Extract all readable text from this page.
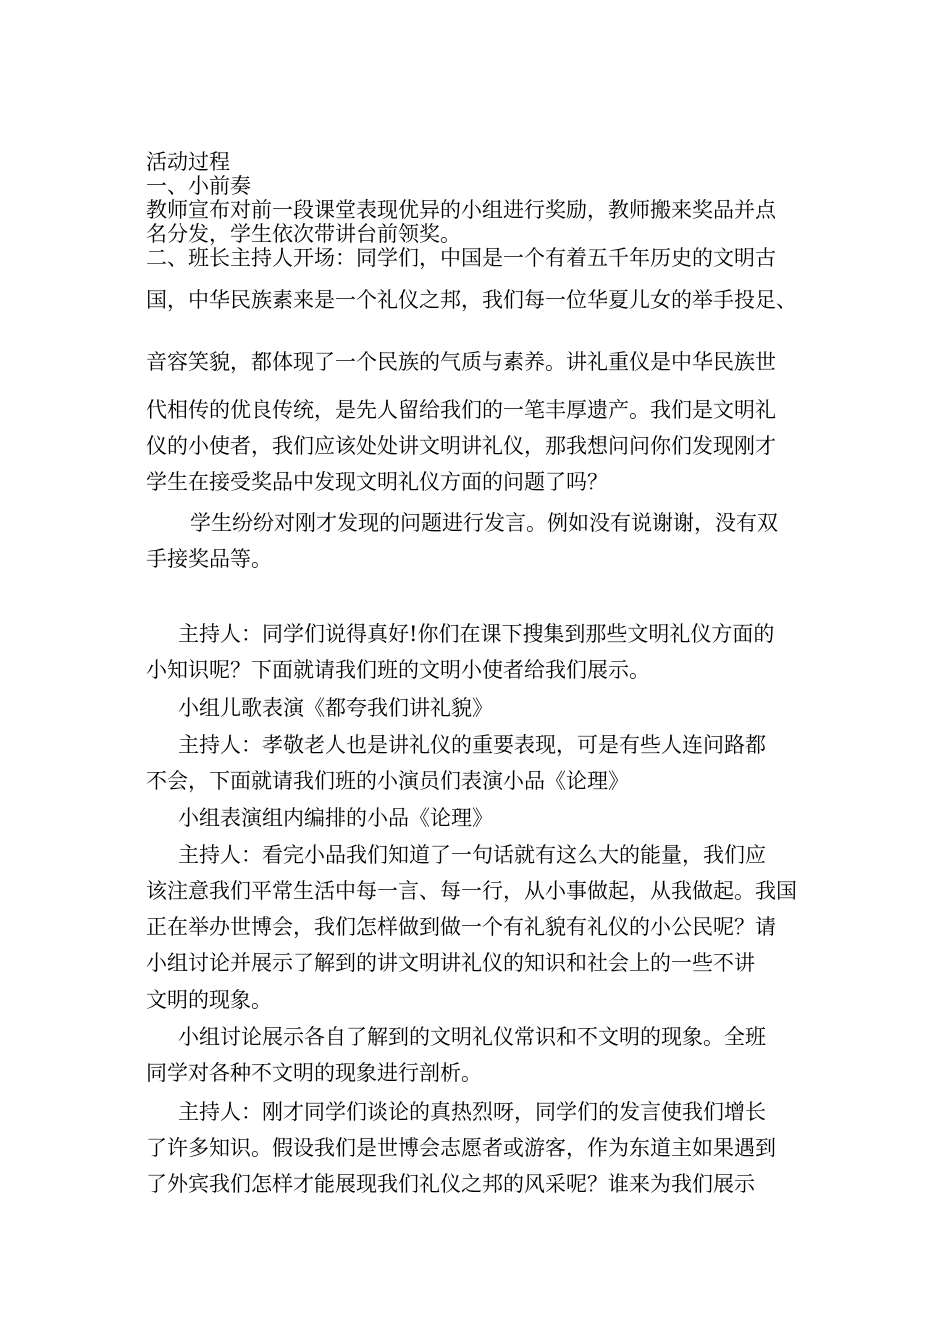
活动过程
一、小前奏
教师宣布对前一段课堂表现优异的小组进行奖励，教师搬来奖品并点
名分发，学生依次带讲台前领奖。
二、班长主持人开场：同学们，中国是一个有着五千年历史的文明古
国，中华民族素来是一个礼仪之邦，我们每一位华夏儿女的举手投足、
音容笑貌，都体现了一个民族的气质与素养。讲礼重仪是中华民族世
代相传的优良传统，是先人留给我们的一笔丰厚遗产。我们是文明礼
仪的小使者，我们应该处处讲文明讲礼仪，那我想问问你们发现刚才
学生在接受奖品中发现文明礼仪方面的问题了吗？
学生纷纷对刚才发现的问题进行发言。例如没有说谢谢，没有双
手接奖品等。
主持人：同学们说得真好!你们在课下搜集到那些文明礼仪方面的
小知识呢？下面就请我们班的文明小使者给我们展示。
小组儿歌表演《都夸我们讲礼貌》
主持人：孝敬老人也是讲礼仪的重要表现，可是有些人连问路都
不会，下面就请我们班的小演员们表演小品《论理》
小组表演组内编排的小品《论理》
主持人：看完小品我们知道了一句话就有这么大的能量，我们应
该注意我们平常生活中每一言、每一行，从小事做起，从我做起。我国
正在举办世博会，我们怎样做到做一个有礼貌有礼仪的小公民呢？请
小组讨论并展示了解到的讲文明讲礼仪的知识和社会上的一些不讲
文明的现象。
小组讨论展示各自了解到的文明礼仪常识和不文明的现象。全班
同学对各种不文明的现象进行剖析。
主持人：刚才同学们谈论的真热烈呀，同学们的发言使我们增长
了许多知识。假设我们是世博会志愿者或游客，作为东道主如果遇到
了外宾我们怎样才能展现我们礼仪之邦的风采呢？谁来为我们展示
